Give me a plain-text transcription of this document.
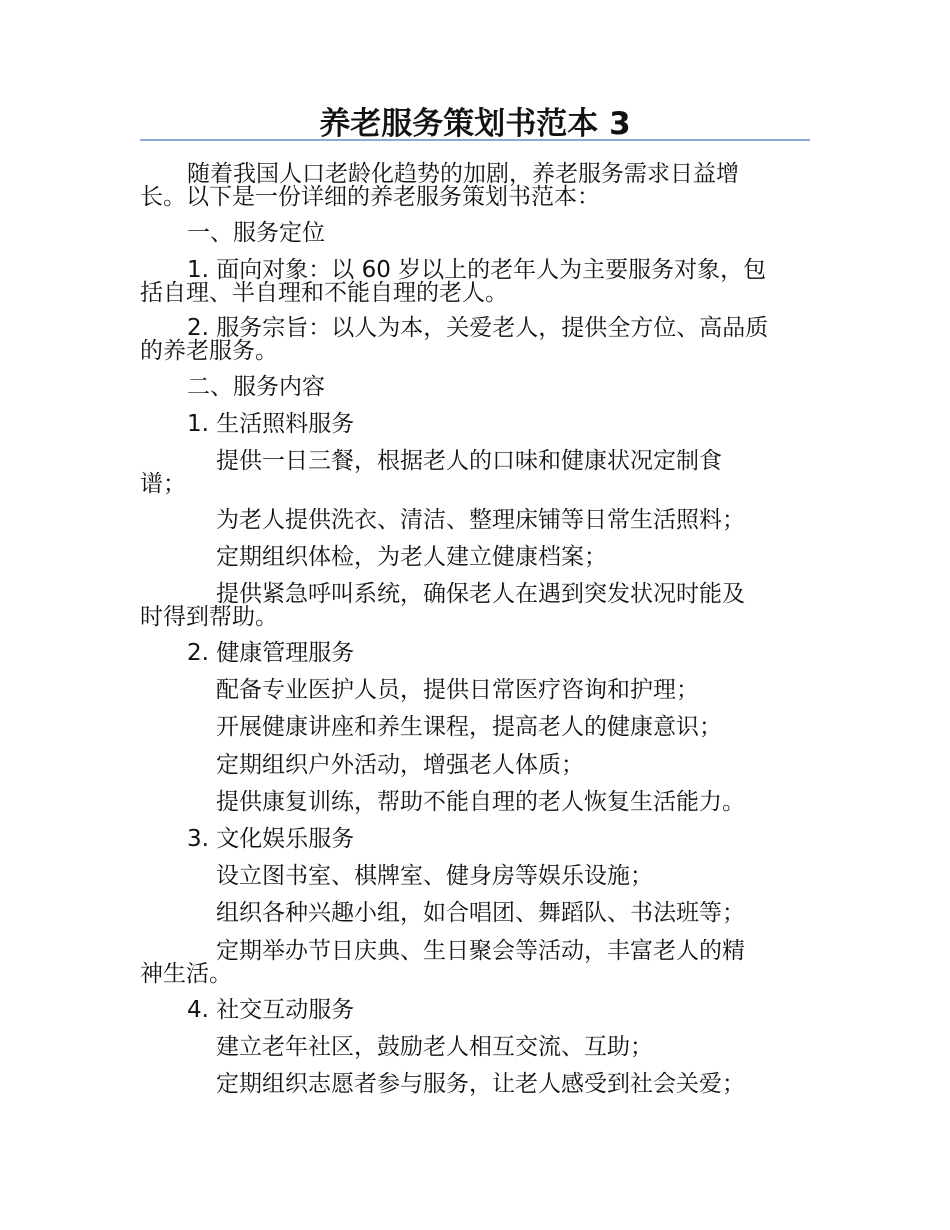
养老服务策划书范本 3
随着我国人口老龄化趋势的加剧，养老服务需求日益增
长。以下是一份详细的养老服务策划书范本：
一、服务定位
1. 面向对象：以 60 岁以上的老年人为主要服务对象，包
括自理、半自理和不能自理的老人。
2. 服务宗旨：以人为本，关爱老人，提供全方位、高品质
的养老服务。
二、服务内容
1. 生活照料服务
提供一日三餐，根据老人的口味和健康状况定制食
谱；
为老人提供洗衣、清洁、整理床铺等日常生活照料；
定期组织体检，为老人建立健康档案；
提供紧急呼叫系统，确保老人在遇到突发状况时能及
时得到帮助。
2. 健康管理服务
配备专业医护人员，提供日常医疗咨询和护理；
开展健康讲座和养生课程，提高老人的健康意识；
定期组织户外活动，增强老人体质；
提供康复训练，帮助不能自理的老人恢复生活能力。
3. 文化娱乐服务
设立图书室、棋牌室、健身房等娱乐设施；
组织各种兴趣小组，如合唱团、舞蹈队、书法班等；
定期举办节日庆典、生日聚会等活动，丰富老人的精
神生活。
4. 社交互动服务
建立老年社区，鼓励老人相互交流、互助；
定期组织志愿者参与服务，让老人感受到社会关爱；
